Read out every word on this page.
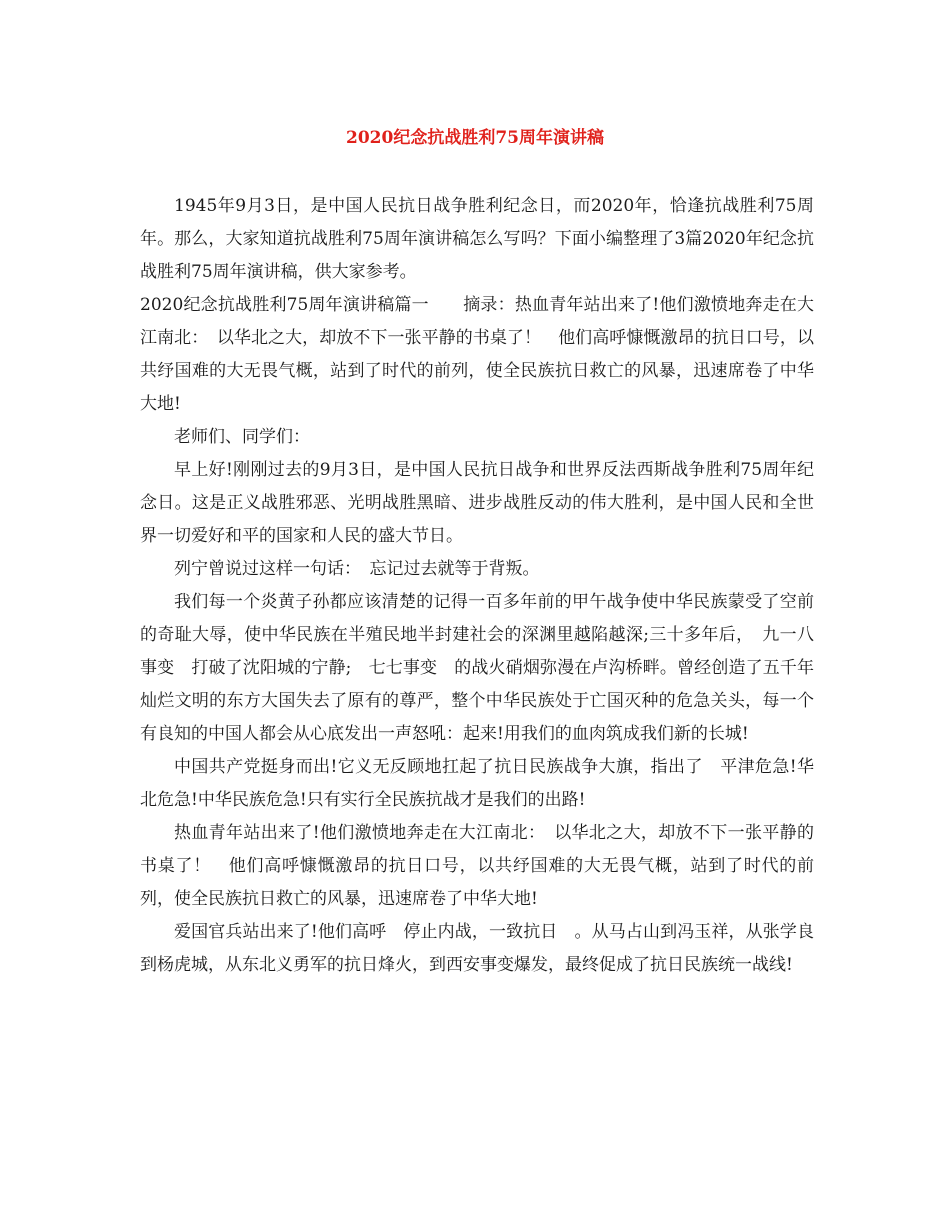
2020纪念抗战胜利75周年演讲稿

1945年9月3日，是中国人民抗日战争胜利纪念日，而2020年，恰逢抗战胜利75周年。那么，大家知道抗战胜利75周年演讲稿怎么写吗？下面小编整理了3篇2020年纪念抗战胜利75周年演讲稿，供大家参考。

2020纪念抗战胜利75周年演讲稿篇一　　摘录：热血青年站出来了!他们激愤地奔走在大江南北：　以华北之大，却放不下一张平静的书桌了！　他们高呼慷慨激昂的抗日口号，以共纾国难的大无畏气概，站到了时代的前列，使全民族抗日救亡的风暴，迅速席卷了中华大地!

老师们、同学们：

早上好!刚刚过去的9月3日，是中国人民抗日战争和世界反法西斯战争胜利75周年纪念日。这是正义战胜邪恶、光明战胜黑暗、进步战胜反动的伟大胜利，是中国人民和全世界一切爱好和平的国家和人民的盛大节日。

列宁曾说过这样一句话：　忘记过去就等于背叛。

我们每一个炎黄子孙都应该清楚的记得一百多年前的甲午战争使中华民族蒙受了空前的奇耻大辱，使中华民族在半殖民地半封建社会的深渊里越陷越深;三十多年后，　九一八事变　打破了沈阳城的宁静;　七七事变　的战火硝烟弥漫在卢沟桥畔。曾经创造了五千年灿烂文明的东方大国失去了原有的尊严，整个中华民族处于亡国灭种的危急关头，每一个有良知的中国人都会从心底发出一声怒吼：起来!用我们的血肉筑成我们新的长城!

中国共产党挺身而出!它义无反顾地扛起了抗日民族战争大旗，指出了　平津危急!华北危急!中华民族危急!只有实行全民族抗战才是我们的出路!

热血青年站出来了!他们激愤地奔走在大江南北：　以华北之大，却放不下一张平静的书桌了！　他们高呼慷慨激昂的抗日口号，以共纾国难的大无畏气概，站到了时代的前列，使全民族抗日救亡的风暴，迅速席卷了中华大地!

爱国官兵站出来了!他们高呼　停止内战，一致抗日　。从马占山到冯玉祥，从张学良到杨虎城，从东北义勇军的抗日烽火，到西安事变爆发，最终促成了抗日民族统一战线!
